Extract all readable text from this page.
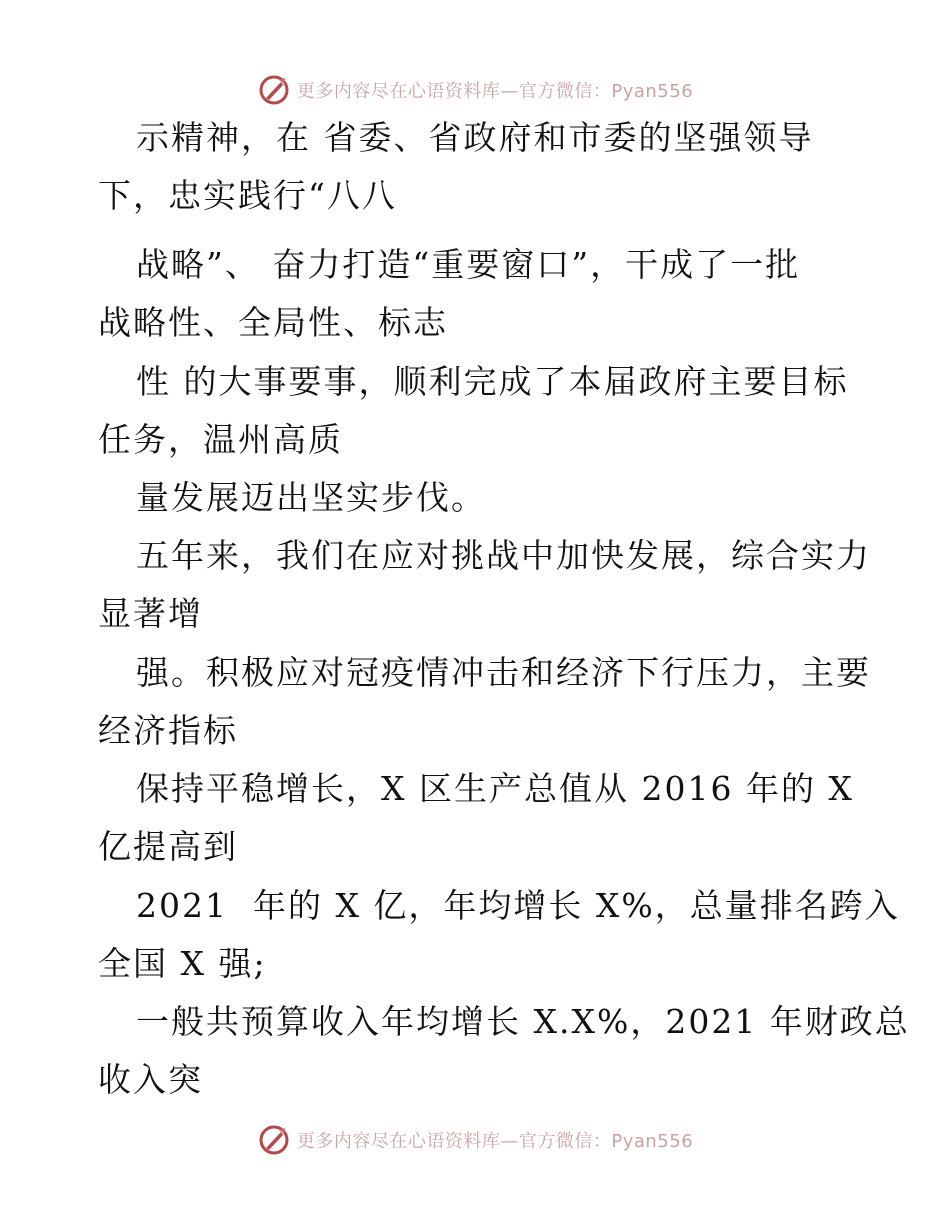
更多内容尽在心语资料库—官方微信：Pyan556
示精神，在 省委、省政府和市委的坚强领导
下，忠实践行“八八
战略”、 奋力打造“重要窗口”，干成了一批
战略性、全局性、标志
性 的大事要事，顺利完成了本届政府主要目标
任务，温州高质
量发展迈出坚实步伐。
五年来，我们在应对挑战中加快发展，综合实力
显著增
强。积极应对冠疫情冲击和经济下行压力，主要
经济指标
保持平稳增长，X 区生产总值从 2016 年的 X
亿提高到
2021  年的 X 亿，年均增长 X%，总量排名跨入
全国 X 强;
一般共预算收入年均增长 X.X%，2021 年财政总
收入突
更多内容尽在心语资料库—官方微信：Pyan556
